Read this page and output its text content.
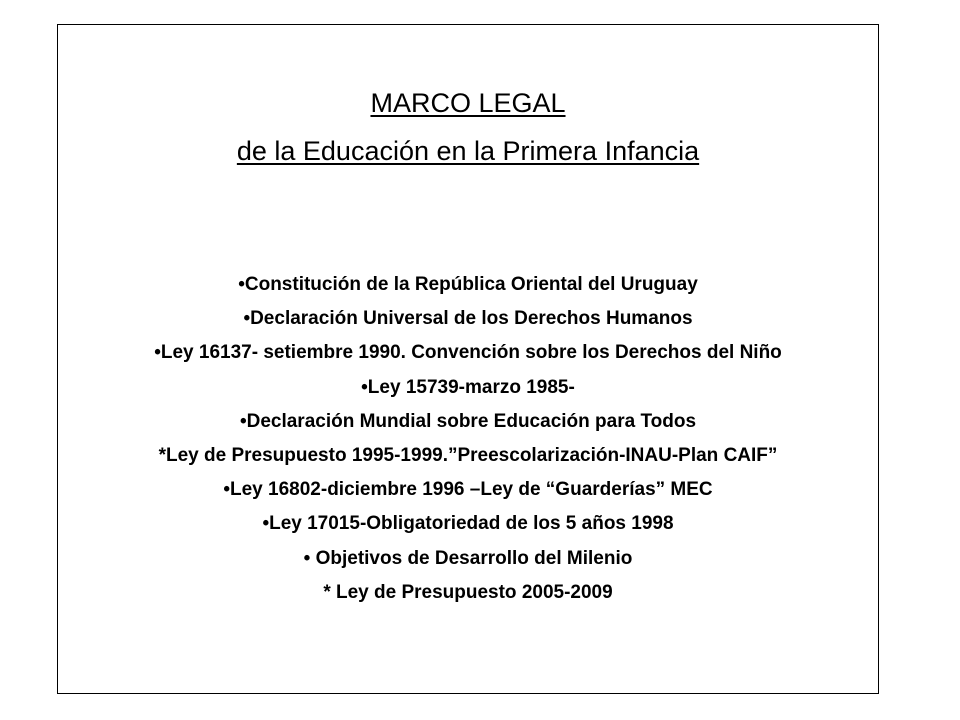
MARCO LEGAL
de la Educación en la Primera Infancia
•Constitución de la República Oriental del Uruguay
•Declaración Universal de los Derechos Humanos
•Ley 16137- setiembre 1990. Convención sobre los Derechos del Niño
•Ley 15739-marzo 1985-
•Declaración Mundial sobre Educación para Todos
*Ley de Presupuesto 1995-1999.”Preescolarización-INAU-Plan CAIF”
•Ley 16802-diciembre 1996 –Ley de “Guarderías” MEC
•Ley 17015-Obligatoriedad de los 5 años 1998
• Objetivos de Desarrollo del Milenio
* Ley de Presupuesto 2005-2009
